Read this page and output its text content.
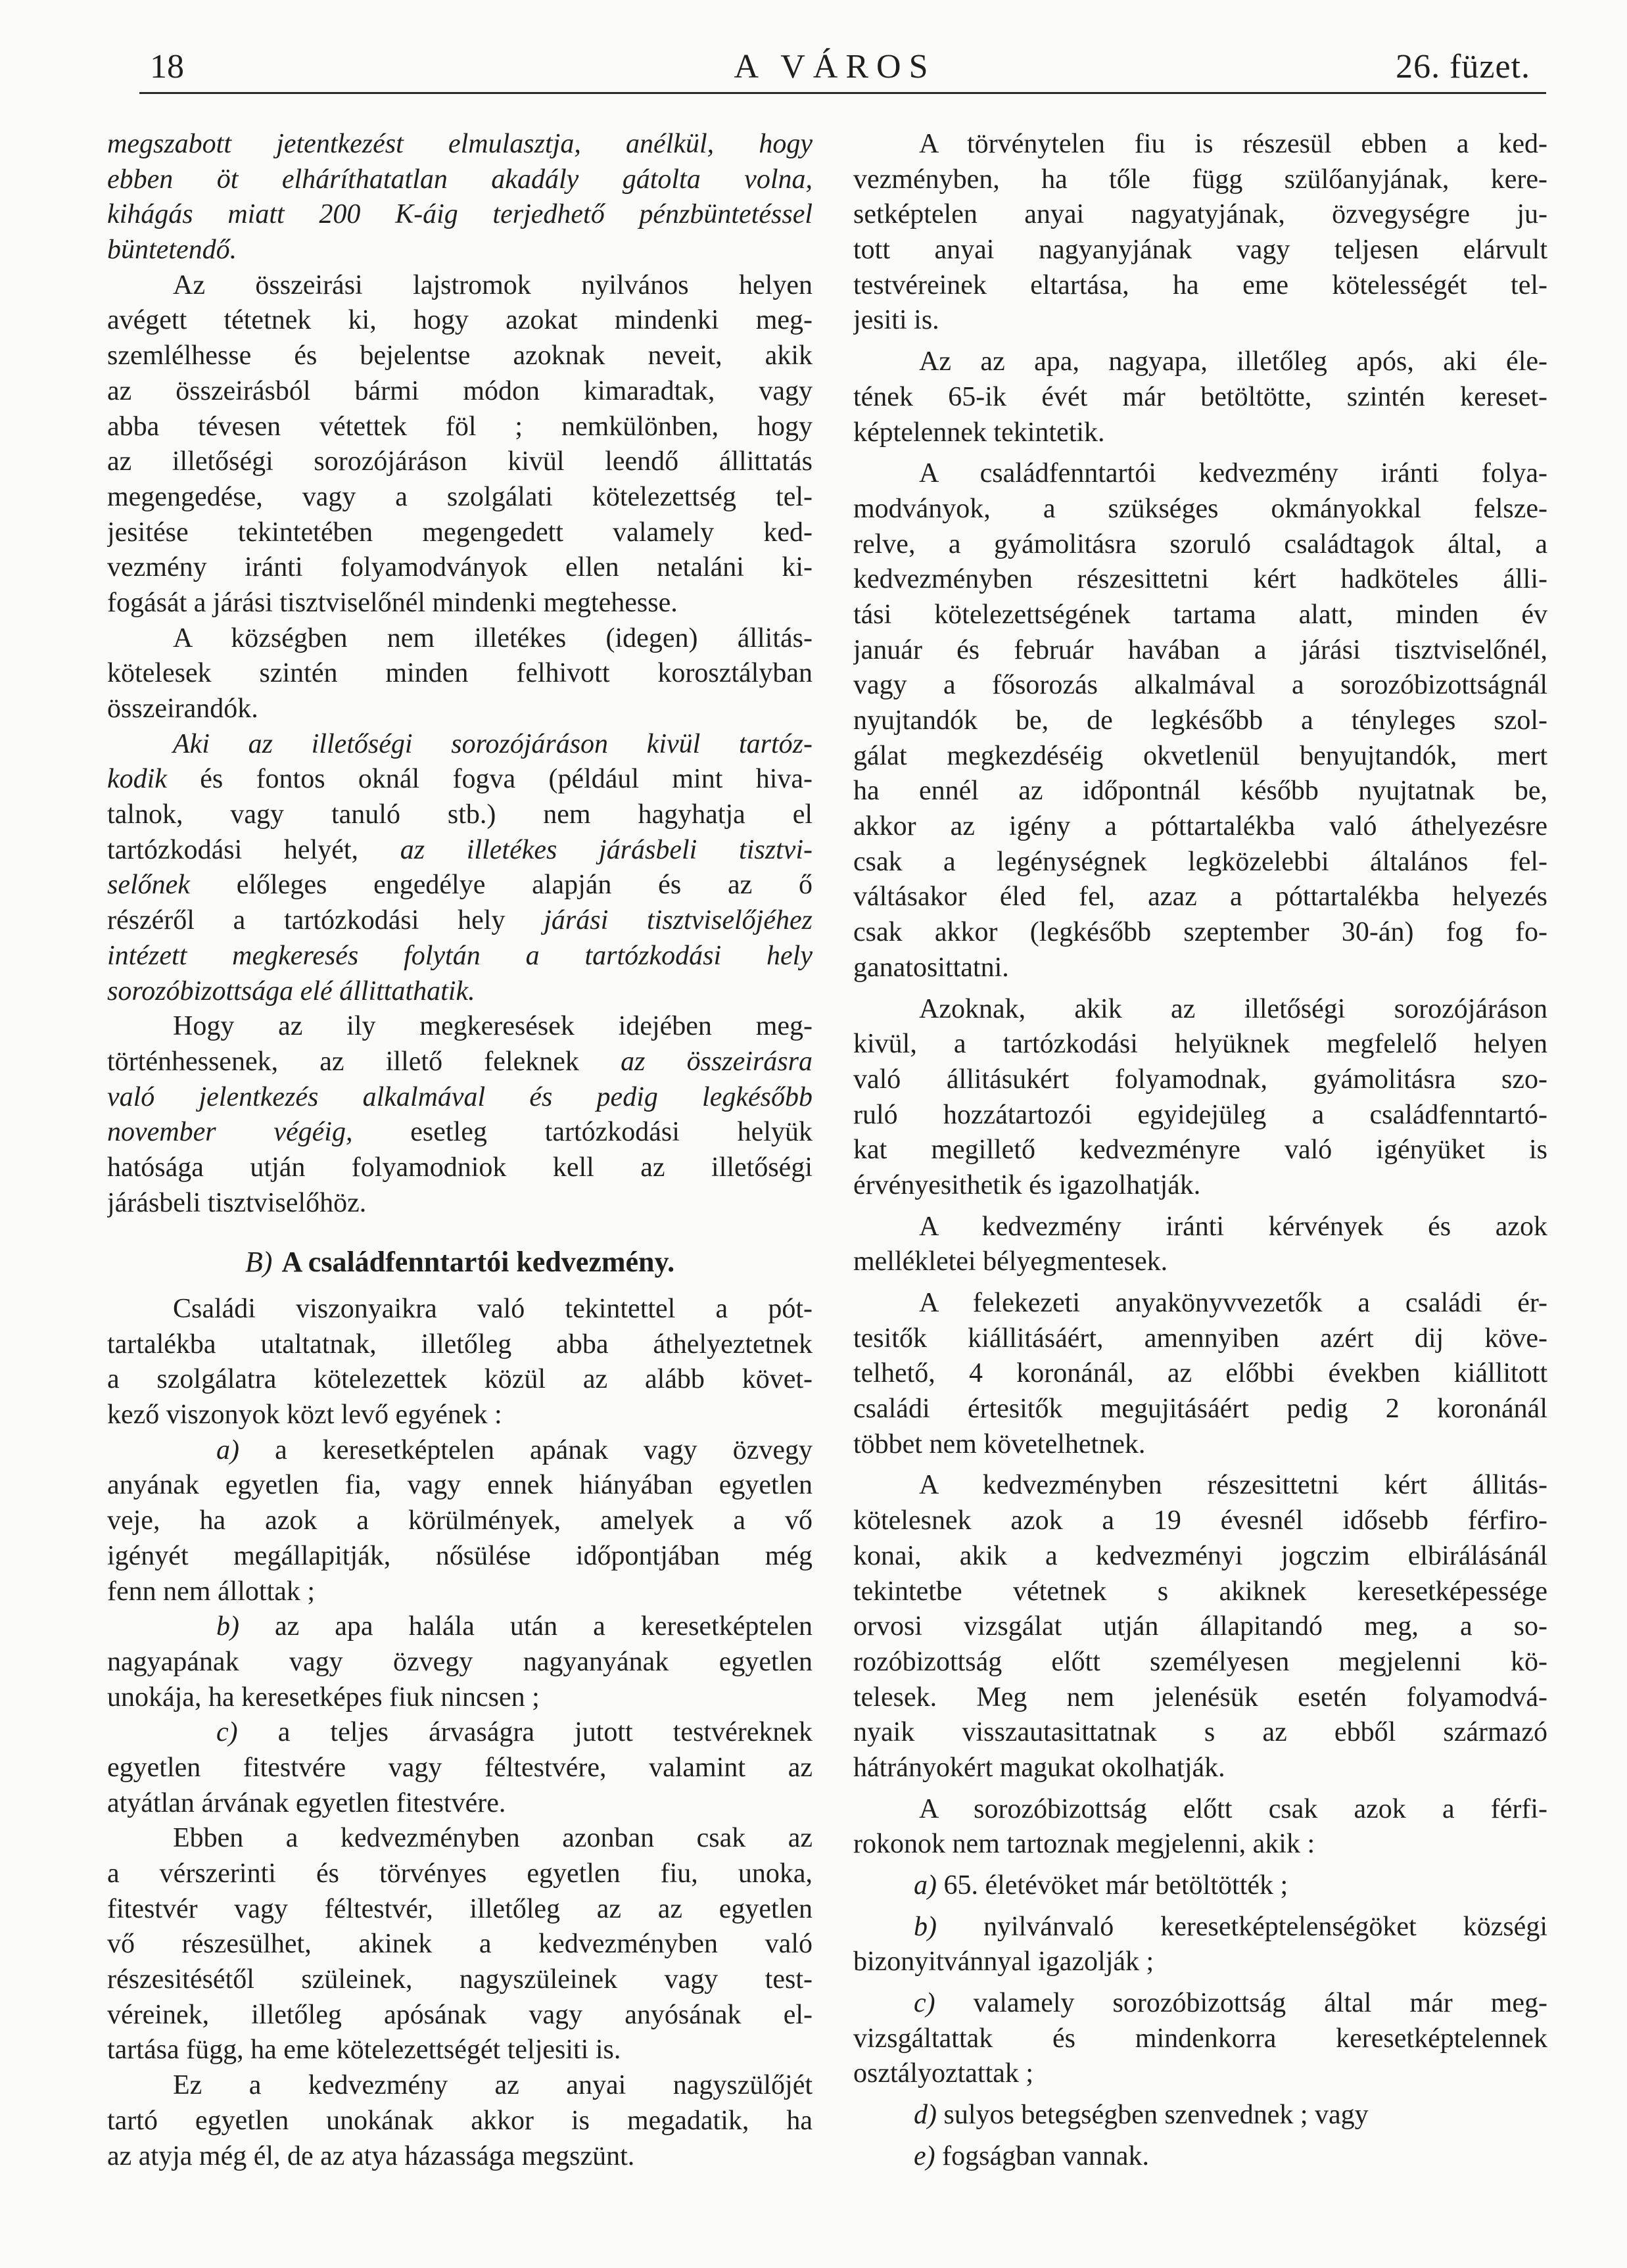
18	A VÁROS	26. füzet.
megszabott jetentkezést elmulasztja, anélkül, hogy
ebben öt elháríthatatlan akadály gátolta volna,
kihágás miatt 200 K-áig terjedhető pénzbüntetéssel
büntetendő.
Az összeirási lajstromok nyilvános helyen
avégett tétetnek ki, hogy azokat mindenki meg-
szemlélhesse és bejelentse azoknak neveit, akik
az összeirásból bármi módon kimaradtak, vagy
abba tévesen vétettek föl ; nemkülönben, hogy
az illetőségi sorozójáráson kivül leendő állittatás
megengedése, vagy a szolgálati kötelezettség tel-
jesitése tekintetében megengedett valamely ked-
vezmény iránti folyamodványok ellen netaláni ki-
fogását a járási tisztviselőnél mindenki megtehesse.
A községben nem illetékes (idegen) állitás-
kötelesek szintén minden felhivott korosztályban
összeirandók.
Aki az illetőségi sorozójáráson kivül tartóz-
kodik és fontos oknál fogva (például mint hiva-
talnok, vagy tanuló stb.) nem hagyhatja el
tartózkodási helyét, az illetékes járásbeli tisztvi-
selőnek előleges engedélye alapján és az ő
részéről a tartózkodási hely járási tisztviselőjéhez
intézett megkeresés folytán a tartózkodási hely
sorozóbizottsága elé állittathatik.
Hogy az ily megkeresések idejében meg-
történhessenek, az illető feleknek az összeirásra
való jelentkezés alkalmával és pedig legkésőbb
november végéig, esetleg tartózkodási helyük
hatósága utján folyamodniok kell az illetőségi
járásbeli tisztviselőhöz.
B) A családfenntartói kedvezmény.
Családi viszonyaikra való tekintettel a pót-
tartalékba utaltatnak, illetőleg abba áthelyeztetnek
a szolgálatra kötelezettek közül az alább követ-
kező viszonyok közt levő egyének :
a) a keresetképtelen apának vagy özvegy
anyának egyetlen fia, vagy ennek hiányában egyetlen
veje, ha azok a körülmények, amelyek a vő
igényét megállapitják, nősülése időpontjában még
fenn nem állottak ;
b) az apa halála után a keresetképtelen
nagyapának vagy özvegy nagyanyának egyetlen
unokája, ha keresetképes fiuk nincsen ;
c) a teljes árvaságra jutott testvéreknek
egyetlen fitestvére vagy féltestvére, valamint az
atyátlan árvának egyetlen fitestvére.
Ebben a kedvezményben azonban csak az
a vérszerinti és törvényes egyetlen fiu, unoka,
fitestvér vagy féltestvér, illetőleg az az egyetlen
vő részesülhet, akinek a kedvezményben való
részesitésétől szüleinek, nagyszüleinek vagy test-
véreinek, illetőleg apósának vagy anyósának el-
tartása függ, ha eme kötelezettségét teljesiti is.
Ez a kedvezmény az anyai nagyszülőjét
tartó egyetlen unokának akkor is megadatik, ha
az atyja még él, de az atya házassága megszünt.
A törvénytelen fiu is részesül ebben a ked-
vezményben, ha tőle függ szülőanyjának, kere-
setképtelen anyai nagyatyjának, özvegységre ju-
tott anyai nagyanyjának vagy teljesen elárvult
testvéreinek eltartása, ha eme kötelességét tel-
jesiti is.
Az az apa, nagyapa, illetőleg após, aki éle-
tének 65-ik évét már betöltötte, szintén kereset-
képtelennek tekintetik.
A családfenntartói kedvezmény iránti folya-
modványok, a szükséges okmányokkal felsze-
relve, a gyámolitásra szoruló családtagok által, a
kedvezményben részesittetni kért hadköteles álli-
tási kötelezettségének tartama alatt, minden év
január és február havában a járási tisztviselőnél,
vagy a fősorozás alkalmával a sorozóbizottságnál
nyujtandók be, de legkésőbb a tényleges szol-
gálat megkezdéséig okvetlenül benyujtandók, mert
ha ennél az időpontnál később nyujtatnak be,
akkor az igény a póttartalékba való áthelyezésre
csak a legénységnek legközelebbi általános fel-
váltásakor éled fel, azaz a póttartalékba helyezés
csak akkor (legkésőbb szeptember 30-án) fog fo-
ganatosittatni.
Azoknak, akik az illetőségi sorozójáráson
kivül, a tartózkodási helyüknek megfelelő helyen
való állitásukért folyamodnak, gyámolitásra szo-
ruló hozzátartozói egyidejüleg a családfenntartó-
kat megillető kedvezményre való igényüket is
érvényesithetik és igazolhatják.
A kedvezmény iránti kérvények és azok
mellékletei bélyegmentesek.
A felekezeti anyakönyvvezetők a családi ér-
tesitők kiállitásáért, amennyiben azért dij köve-
telhető, 4 koronánál, az előbbi években kiállitott
családi értesitők megujitásáért pedig 2 koronánál
többet nem követelhetnek.
A kedvezményben részesittetni kért állitás-
kötelesnek azok a 19 évesnél idősebb férfiro-
konai, akik a kedvezményi jogczim elbirálásánál
tekintetbe vétetnek s akiknek keresetképessége
orvosi vizsgálat utján állapitandó meg, a so-
rozóbizottság előtt személyesen megjelenni kö-
telesek. Meg nem jelenésük esetén folyamodvá-
nyaik visszautasittatnak s az ebből származó
hátrányokért magukat okolhatják.
A sorozóbizottság előtt csak azok a férfi-
rokonok nem tartoznak megjelenni, akik :
a) 65. életévöket már betöltötték ;
b) nyilvánvaló keresetképtelenségöket községi
bizonyitvánnyal igazolják ;
c) valamely sorozóbizottság által már meg-
vizsgáltattak és mindenkorra keresetképtelennek
osztályoztattak ;
d) sulyos betegségben szenvednek ; vagy
e) fogságban vannak.
